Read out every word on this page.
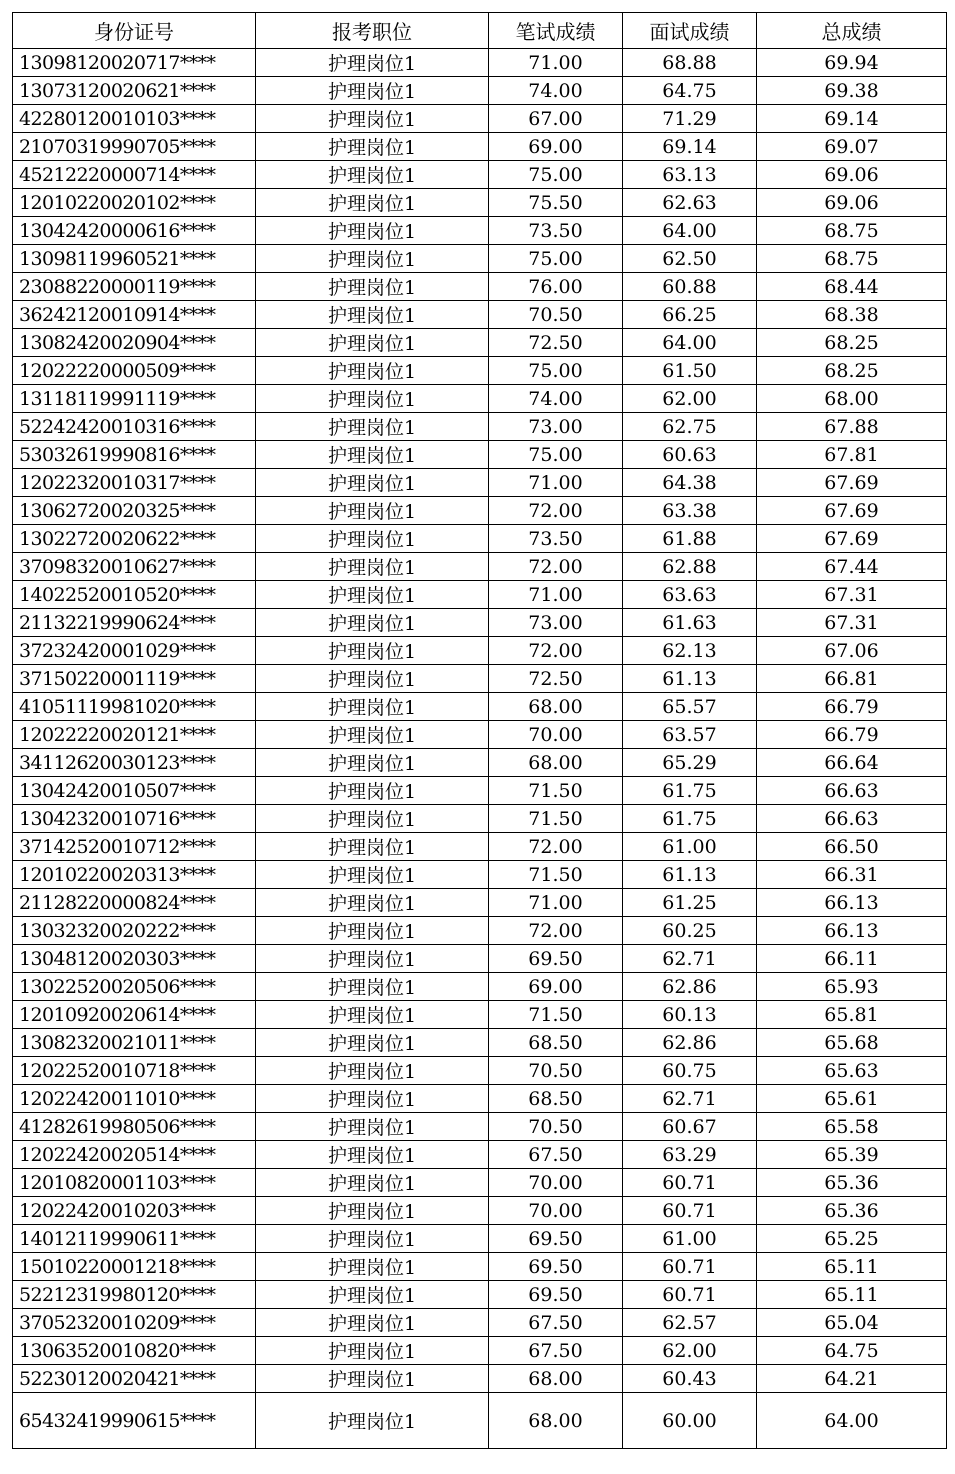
身份证号	报考职位	笔试成绩	面试成绩	总成绩
13098120020717****	护理岗位1	71.00	68.88	69.94
13073120020621****	护理岗位1	74.00	64.75	69.38
42280120010103****	护理岗位1	67.00	71.29	69.14
21070319990705****	护理岗位1	69.00	69.14	69.07
45212220000714****	护理岗位1	75.00	63.13	69.06
12010220020102****	护理岗位1	75.50	62.63	69.06
13042420000616****	护理岗位1	73.50	64.00	68.75
13098119960521****	护理岗位1	75.00	62.50	68.75
23088220000119****	护理岗位1	76.00	60.88	68.44
36242120010914****	护理岗位1	70.50	66.25	68.38
13082420020904****	护理岗位1	72.50	64.00	68.25
12022220000509****	护理岗位1	75.00	61.50	68.25
13118119991119****	护理岗位1	74.00	62.00	68.00
52242420010316****	护理岗位1	73.00	62.75	67.88
53032619990816****	护理岗位1	75.00	60.63	67.81
12022320010317****	护理岗位1	71.00	64.38	67.69
13062720020325****	护理岗位1	72.00	63.38	67.69
13022720020622****	护理岗位1	73.50	61.88	67.69
37098320010627****	护理岗位1	72.00	62.88	67.44
14022520010520****	护理岗位1	71.00	63.63	67.31
21132219990624****	护理岗位1	73.00	61.63	67.31
37232420001029****	护理岗位1	72.00	62.13	67.06
37150220001119****	护理岗位1	72.50	61.13	66.81
41051119981020****	护理岗位1	68.00	65.57	66.79
12022220020121****	护理岗位1	70.00	63.57	66.79
34112620030123****	护理岗位1	68.00	65.29	66.64
13042420010507****	护理岗位1	71.50	61.75	66.63
13042320010716****	护理岗位1	71.50	61.75	66.63
37142520010712****	护理岗位1	72.00	61.00	66.50
12010220020313****	护理岗位1	71.50	61.13	66.31
21128220000824****	护理岗位1	71.00	61.25	66.13
13032320020222****	护理岗位1	72.00	60.25	66.13
13048120020303****	护理岗位1	69.50	62.71	66.11
13022520020506****	护理岗位1	69.00	62.86	65.93
12010920020614****	护理岗位1	71.50	60.13	65.81
13082320021011****	护理岗位1	68.50	62.86	65.68
12022520010718****	护理岗位1	70.50	60.75	65.63
12022420011010****	护理岗位1	68.50	62.71	65.61
41282619980506****	护理岗位1	70.50	60.67	65.58
12022420020514****	护理岗位1	67.50	63.29	65.39
12010820001103****	护理岗位1	70.00	60.71	65.36
12022420010203****	护理岗位1	70.00	60.71	65.36
14012119990611****	护理岗位1	69.50	61.00	65.25
15010220001218****	护理岗位1	69.50	60.71	65.11
52212319980120****	护理岗位1	69.50	60.71	65.11
37052320010209****	护理岗位1	67.50	62.57	65.04
13063520010820****	护理岗位1	67.50	62.00	64.75
52230120020421****	护理岗位1	68.00	60.43	64.21
65432419990615****	护理岗位1	68.00	60.00	64.00
